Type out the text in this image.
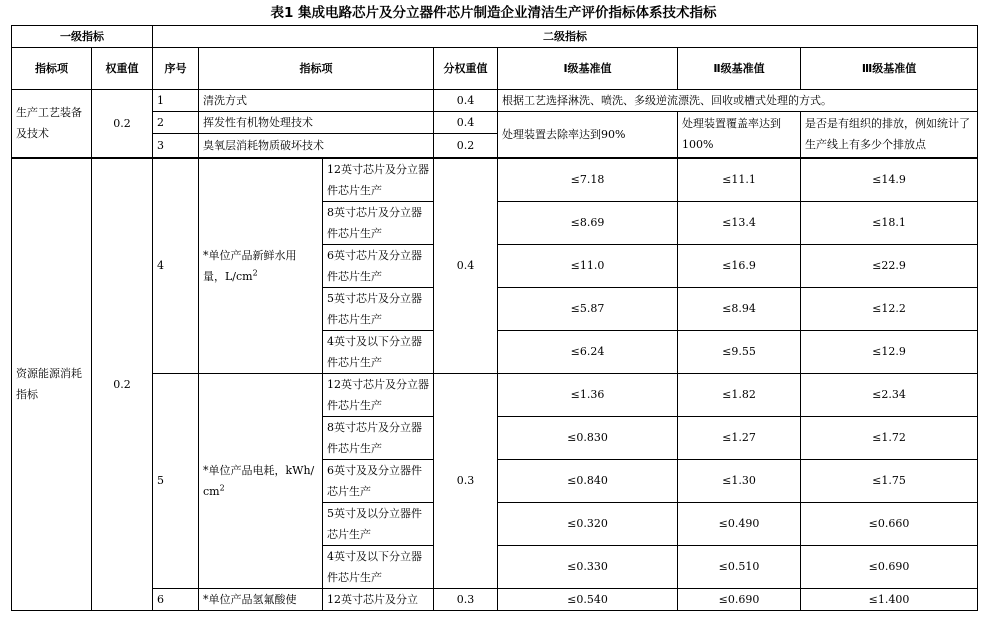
表1 集成电路芯片及分立器件芯片制造企业清洁生产评价指标体系技术指标
一级指标		二级指标						
指标项	权重值	序号	指标项		分权重值	Ⅰ级基准值	Ⅱ级基准值	Ⅲ级基准值
生产工艺装备及技术	0.2	1	清洗方式		0.4	根据工艺选择淋洗、喷洗、多级逆流漂洗、回收或槽式处理的方式。		
		2	挥发性有机物处理技术		0.4	处理装置去除率达到90%	处理装置覆盖率达到100%	是否是有组织的排放，例如统计了生产线上有多少个排放点
		3	臭氧层消耗物质破坏技术		0.2			
资源能源消耗指标	0.2	4	*单位产品新鲜水用量，$L/cm^2$	12英寸芯片及分立器件芯片生产	0.4	≤7.18	≤11.1	≤14.9
				8英寸芯片及分立器件芯片生产		≤8.69	≤13.4	≤18.1
				6英寸芯片及分立器件芯片生产		≤11.0	≤16.9	≤22.9
				5英寸芯片及分立器件芯片生产		≤5.87	≤8.94	≤12.2
				4英寸及以下分立器件芯片生产		≤6.24	≤9.55	≤12.9
		5	*单位产品电耗，kWh/ $cm^2$	12英寸芯片及分立器件芯片生产	0.3	≤1.36	≤1.82	≤2.34
				8英寸芯片及分立器件芯片生产		≤0.830	≤1.27	≤1.72
				6英寸及及分立器件芯片生产		≤0.840	≤1.30	≤1.75
				5英寸及以分立器件芯片生产		≤0.320	≤0.490	≤0.660
				4英寸及以下分立器件芯片生产		≤0.330	≤0.510	≤0.690
		6	*单位产品氢氟酸使	12英寸芯片及分立	0.3	≤0.540	≤0.690	≤1.400
